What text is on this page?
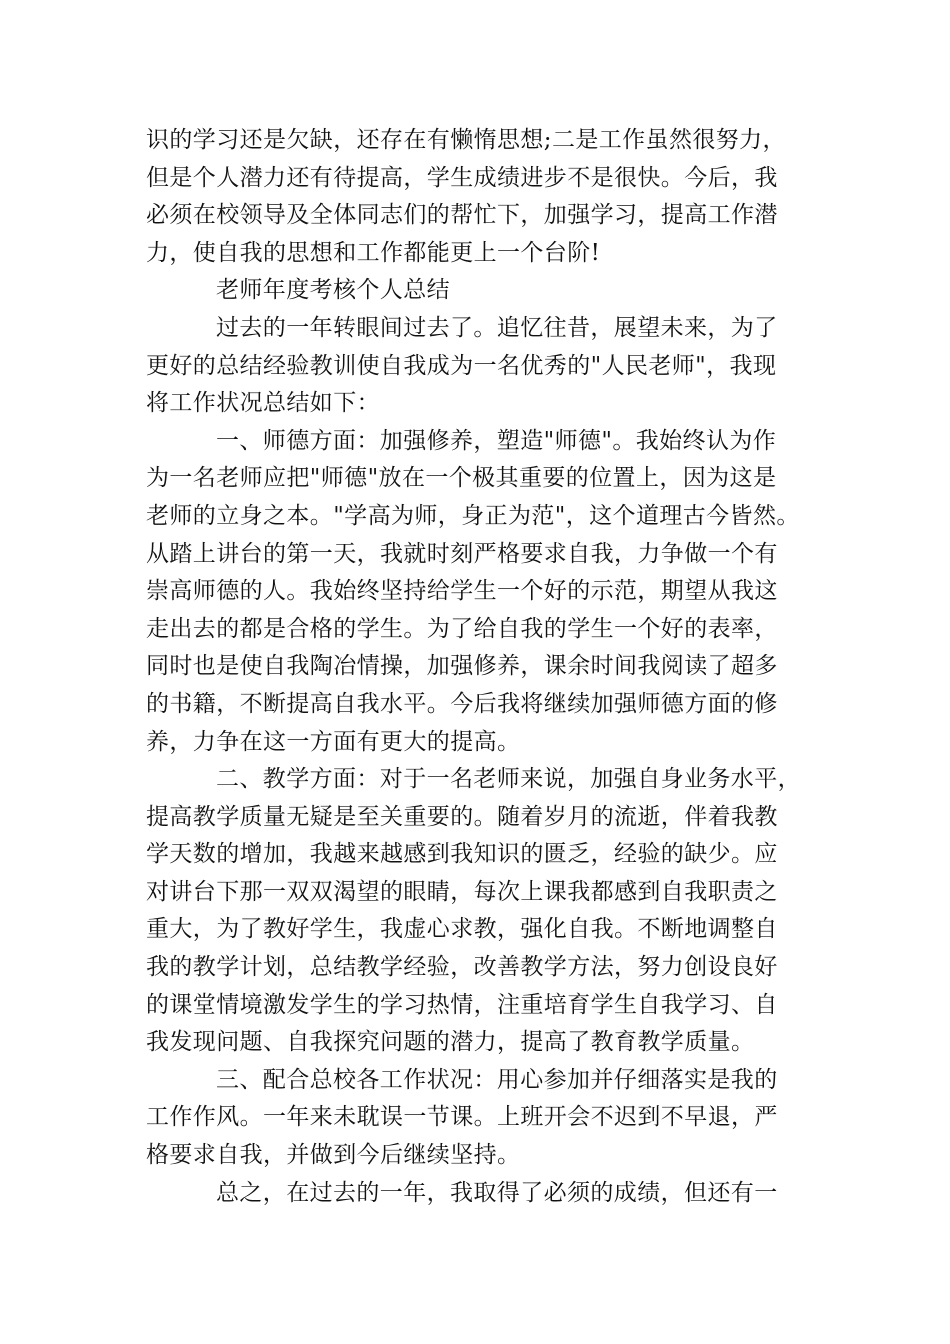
识的学习还是欠缺，还存在有懒惰思想;二是工作虽然很努力，
但是个人潜力还有待提高，学生成绩进步不是很快。今后，我
必须在校领导及全体同志们的帮忙下，加强学习，提高工作潜
力，使自我的思想和工作都能更上一个台阶!
老师年度考核个人总结
过去的一年转眼间过去了。追忆往昔，展望未来，为了
更好的总结经验教训使自我成为一名优秀的"人民老师"，我现
将工作状况总结如下：
一、师德方面：加强修养，塑造"师德"。我始终认为作
为一名老师应把"师德"放在一个极其重要的位置上，因为这是
老师的立身之本。"学高为师，身正为范"，这个道理古今皆然。
从踏上讲台的第一天，我就时刻严格要求自我，力争做一个有
崇高师德的人。我始终坚持给学生一个好的示范，期望从我这
走出去的都是合格的学生。为了给自我的学生一个好的表率，
同时也是使自我陶冶情操，加强修养，课余时间我阅读了超多
的书籍，不断提高自我水平。今后我将继续加强师德方面的修
养，力争在这一方面有更大的提高。
二、教学方面：对于一名老师来说，加强自身业务水平，
提高教学质量无疑是至关重要的。随着岁月的流逝，伴着我教
学天数的增加，我越来越感到我知识的匮乏，经验的缺少。应
对讲台下那一双双渴望的眼睛，每次上课我都感到自我职责之
重大，为了教好学生，我虚心求教，强化自我。不断地调整自
我的教学计划，总结教学经验，改善教学方法，努力创设良好
的课堂情境激发学生的学习热情，注重培育学生自我学习、自
我发现问题、自我探究问题的潜力，提高了教育教学质量。
三、配合总校各工作状况：用心参加并仔细落实是我的
工作作风。一年来未耽误一节课。上班开会不迟到不早退，严
格要求自我，并做到今后继续坚持。
总之，在过去的一年，我取得了必须的成绩，但还有一
